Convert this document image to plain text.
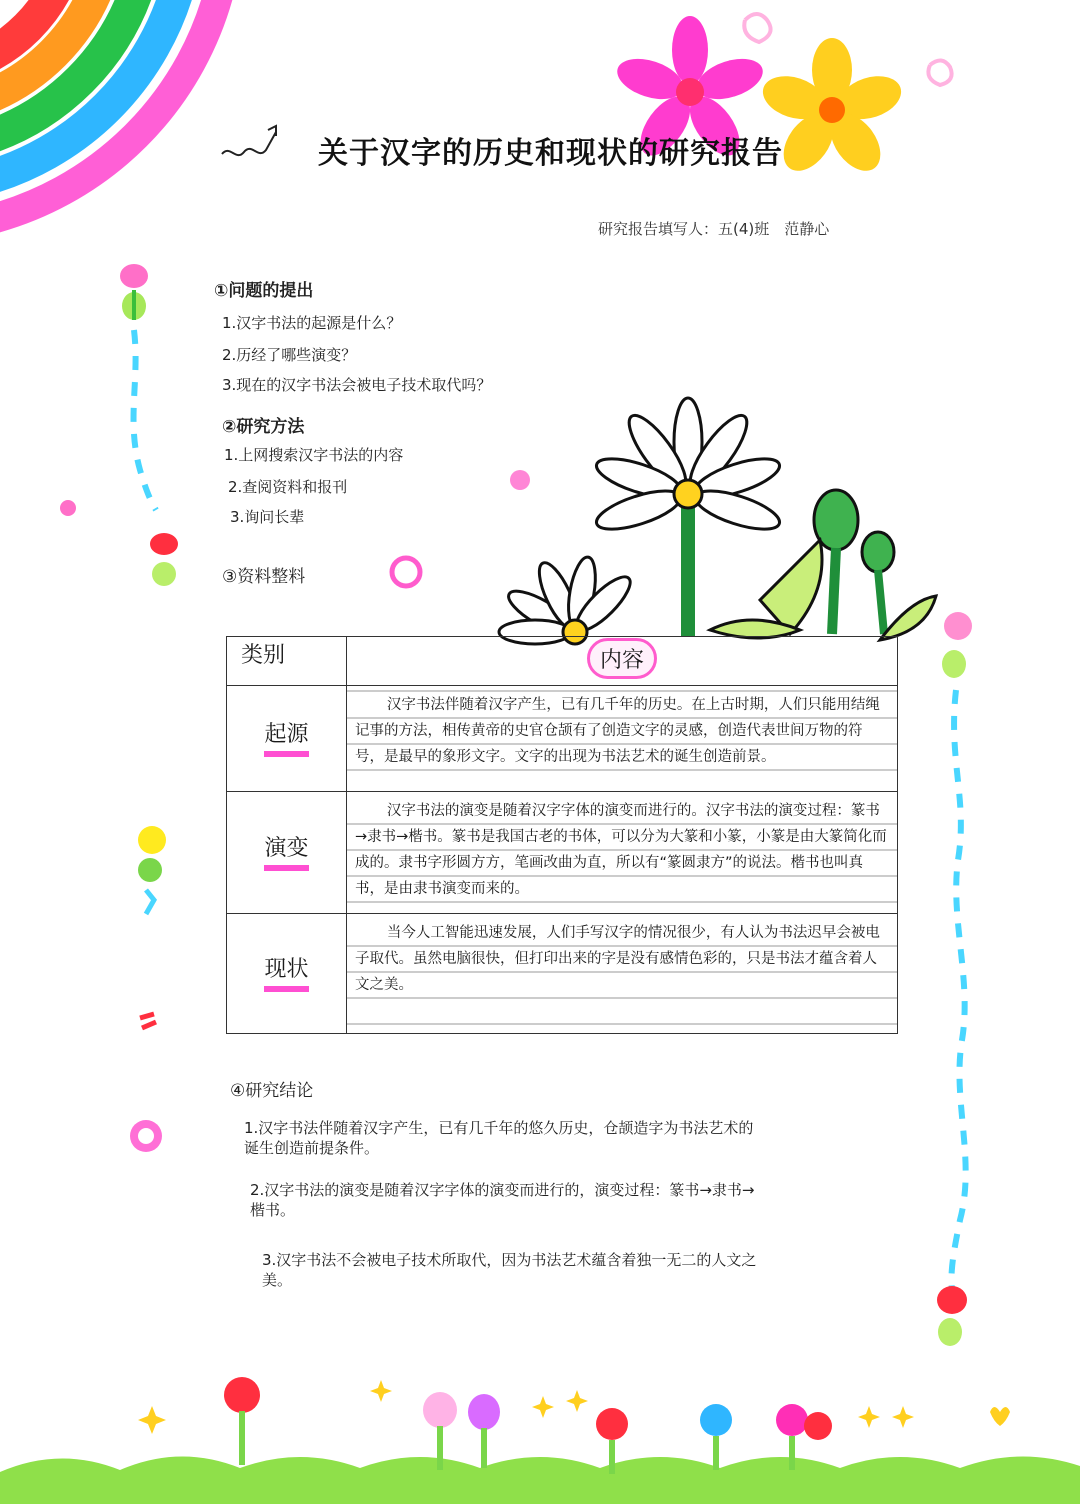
关于汉字的历史和现状的研究报告
研究报告填写人：五(4)班　范静心
①问题的提出
1.汉字书法的起源是什么？
2.历经了哪些演变？
3.现在的汉字书法会被电子技术取代吗？
②研究方法
1.上网搜索汉字书法的内容
2.查阅资料和报刊
3.询问长辈
③资料整料
类别	内容
起源	汉字书法伴随着汉字产生，已有几千年的历史。在上古时期，人们只能用结绳记事的方法，相传黄帝的史官仓颉有了创造文字的灵感，创造代表世间万物的符号，是最早的象形文字。文字的出现为书法艺术的诞生创造前景。

演变	汉字书法的演变是随着汉字字体的演变而进行的。汉字书法的演变过程：篆书→隶书→楷书。篆书是我国古老的书体，可以分为大篆和小篆，小篆是由大篆简化而成的。隶书字形圆方方，笔画改曲为直，所以有“篆圆隶方”的说法。楷书也叫真书，是由隶书演变而来的。

现状	当今人工智能迅速发展，人们手写汉字的情况很少，有人认为书法迟早会被电子取代。虽然电脑很快，但打印出来的字是没有感情色彩的，只是书法才蕴含着人文之美。

④研究结论
1.汉字书法伴随着汉字产生，已有几千年的悠久历史，仓颉造字为书法艺术的诞生创造前提条件。
2.汉字书法的演变是随着汉字字体的演变而进行的，演变过程：篆书→隶书→楷书。
3.汉字书法不会被电子技术所取代，因为书法艺术蕴含着独一无二的人文之美。
